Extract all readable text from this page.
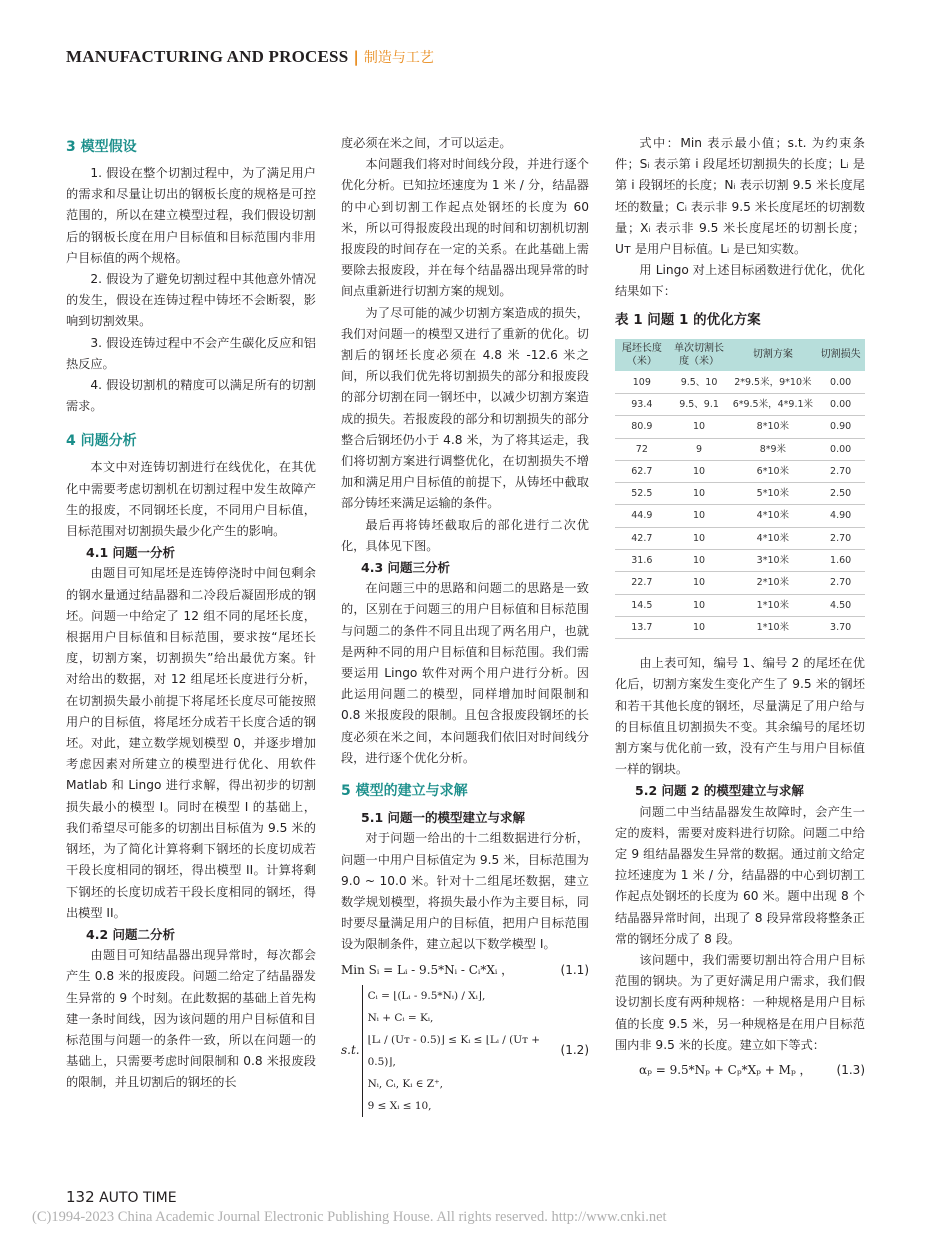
MANUFACTURING AND PROCESS | 制造与工艺
3 模型假设

1. 假设在整个切割过程中，为了满足用户的需求和尽量让切出的钢板长度的规格是可控范围的，所以在建立模型过程，我们假设切割后的钢板长度在用户目标值和目标范围内非用户目标值的两个规格。

2. 假设为了避免切割过程中其他意外情况的发生，假设在连铸过程中铸坯不会断裂，影响到切割效果。

3. 假设连铸过程中不会产生碳化反应和铝热反应。

4. 假设切割机的精度可以满足所有的切割需求。

4 问题分析

本文中对连铸切割进行在线优化，在其优化中需要考虑切割机在切割过程中发生故障产生的报废，不同钢坯长度，不同用户目标值，目标范围对切割损失最少化产生的影响。

4.1 问题一分析

由题目可知尾坯是连铸停浇时中间包剩余的钢水量通过结晶器和二冷段后凝固形成的钢坯。问题一中给定了 12 组不同的尾坯长度，根据用户目标值和目标范围，要求按“尾坯长度，切割方案，切割损失”给出最优方案。针对给出的数据，对 12 组尾坯长度进行分析，在切割损失最小前提下将尾坯长度尽可能按照用户的目标值，将尾坯分成若干长度合适的钢坯。对此，建立数学规划模型 0，并逐步增加考虑因素对所建立的模型进行优化、用软件 Matlab 和 Lingo 进行求解，得出初步的切割损失最小的模型 I。同时在模型 I 的基础上，我们希望尽可能多的切割出目标值为 9.5 米的钢坯，为了简化计算将剩下钢坯的长度切成若干段长度相同的钢坯，得出模型 II。计算将剩下钢坯的长度切成若干段长度相同的钢坯，得出模型 II。

4.2 问题二分析

由题目可知结晶器出现异常时，每次都会产生 0.8 米的报废段。问题二给定了结晶器发生异常的 9 个时刻。在此数据的基础上首先构建一条时间线，因为该问题的用户目标值和目标范围与问题一的条件一致，所以在问题一的基础上，只需要考虑时间限制和 0.8 米报废段的限制，并且切割后的钢坯的长

度必须在米之间，才可以运走。

本问题我们将对时间线分段，并进行逐个优化分析。已知拉坯速度为 1 米 / 分，结晶器的中心到切割工作起点处钢坯的长度为 60 米，所以可得报废段出现的时间和切割机切割报废段的时间存在一定的关系。在此基础上需要除去报废段，并在每个结晶器出现异常的时间点重新进行切割方案的规划。

为了尽可能的减少切割方案造成的损失，我们对问题一的模型又进行了重新的优化。切割后的钢坯长度必须在 4.8 米 -12.6 米之间，所以我们优先将切割损失的部分和报废段的部分切割在同一钢坯中，以减少切割方案造成的损失。若报废段的部分和切割损失的部分整合后钢坯仍小于 4.8 米，为了将其运走，我们将切割方案进行调整优化，在切割损失不增加和满足用户目标值的前提下，从铸坯中截取部分铸坯来满足运输的条件。

最后再将铸坯截取后的部化进行二次优化，具体见下图。

4.3 问题三分析

在问题三中的思路和问题二的思路是一致的，区别在于问题三的用户目标值和目标范围与问题二的条件不同且出现了两名用户，也就是两种不同的用户目标值和目标范围。我们需要运用 Lingo 软件对两个用户进行分析。因此运用问题二的模型，同样增加时间限制和 0.8 米报废段的限制。且包含报废段钢坯的长度必须在米之间，本问题我们依旧对时间线分段，进行逐个优化分析。

5 模型的建立与求解
5.1 问题一的模型建立与求解

对于问题一给出的十二组数据进行分析，问题一中用户目标值定为 9.5 米，目标范围为 9.0 ~ 10.0 米。针对十二组尾坯数据，建立数学规划模型，将损失最小作为主要目标，同时要尽量满足用户的目标值，把用户目标范围设为限制条件，建立起以下数学模型 I。

Min Sᵢ = Lᵢ - 9.5*Nᵢ - Cᵢ*Xᵢ ，	(1.1)
s.t.
Cᵢ = ⌊(Lᵢ - 9.5*Nᵢ) / Xᵢ⌋,
Nᵢ + Cᵢ = Kᵢ,
⌊Lᵢ / (Uᴛ - 0.5)⌋ ≤ Kᵢ ≤ ⌊Lᵢ / (Uᴛ + 0.5)⌋,
Nᵢ, Cᵢ, Kᵢ ∈ Z⁺,
9 ≤ Xᵢ ≤ 10,
(1.2)

式中：Min 表示最小值；s.t. 为约束条件；Sᵢ 表示第 i 段尾坯切割损失的长度；Lᵢ 是第 i 段钢坯的长度；Nᵢ 表示切割 9.5 米长度尾坯的数量；Cᵢ 表示非 9.5 米长度尾坯的切割数量；Xᵢ 表示非 9.5 米长度尾坯的切割长度；Uᴛ 是用户目标值。Lᵢ 是已知实数。

用 Lingo 对上述目标函数进行优化，优化结果如下：

表 1 问题 1 的优化方案
尾坯长度（米）	单次切割长度（米）	切割方案	切割损失
109	9.5、10	2*9.5米，9*10米	0.00
93.4	9.5、9.1	6*9.5米，4*9.1米	0.00
80.9	10	8*10米	0.90
72	9	8*9米	0.00
62.7	10	6*10米	2.70
52.5	10	5*10米	2.50
44.9	10	4*10米	4.90
42.7	10	4*10米	2.70
31.6	10	3*10米	1.60
22.7	10	2*10米	2.70
14.5	10	1*10米	4.50
13.7	10	1*10米	3.70

由上表可知，编号 1、编号 2 的尾坯在优化后，切割方案发生变化产生了 9.5 米的钢坯和若干其他长度的钢坯，尽量满足了用户给与的目标值且切割损失不变。其余编号的尾坯切割方案与优化前一致，没有产生与用户目标值一样的钢块。

5.2 问题 2 的模型建立与求解

问题二中当结晶器发生故障时，会产生一定的废料，需要对废料进行切除。问题二中给定 9 组结晶器发生异常的数据。通过前文给定拉坯速度为 1 米 / 分，结晶器的中心到切割工作起点处钢坯的长度为 60 米。题中出现 8 个结晶器异常时间，出现了 8 段异常段将整条正常的钢坯分成了 8 段。

该问题中，我们需要切割出符合用户目标范围的钢块。为了更好满足用户需求，我们假设切割长度有两种规格：一种规格是用户目标值的长度 9.5 米，另一种规格是在用户目标范围内非 9.5 米的长度。建立如下等式：

αₚ = 9.5*Nₚ + Cₚ*Xₚ + Mₚ ， (1.3)
132 AUTO TIME
(C)1994-2023 China Academic Journal Electronic Publishing House. All rights reserved. http://www.cnki.net
